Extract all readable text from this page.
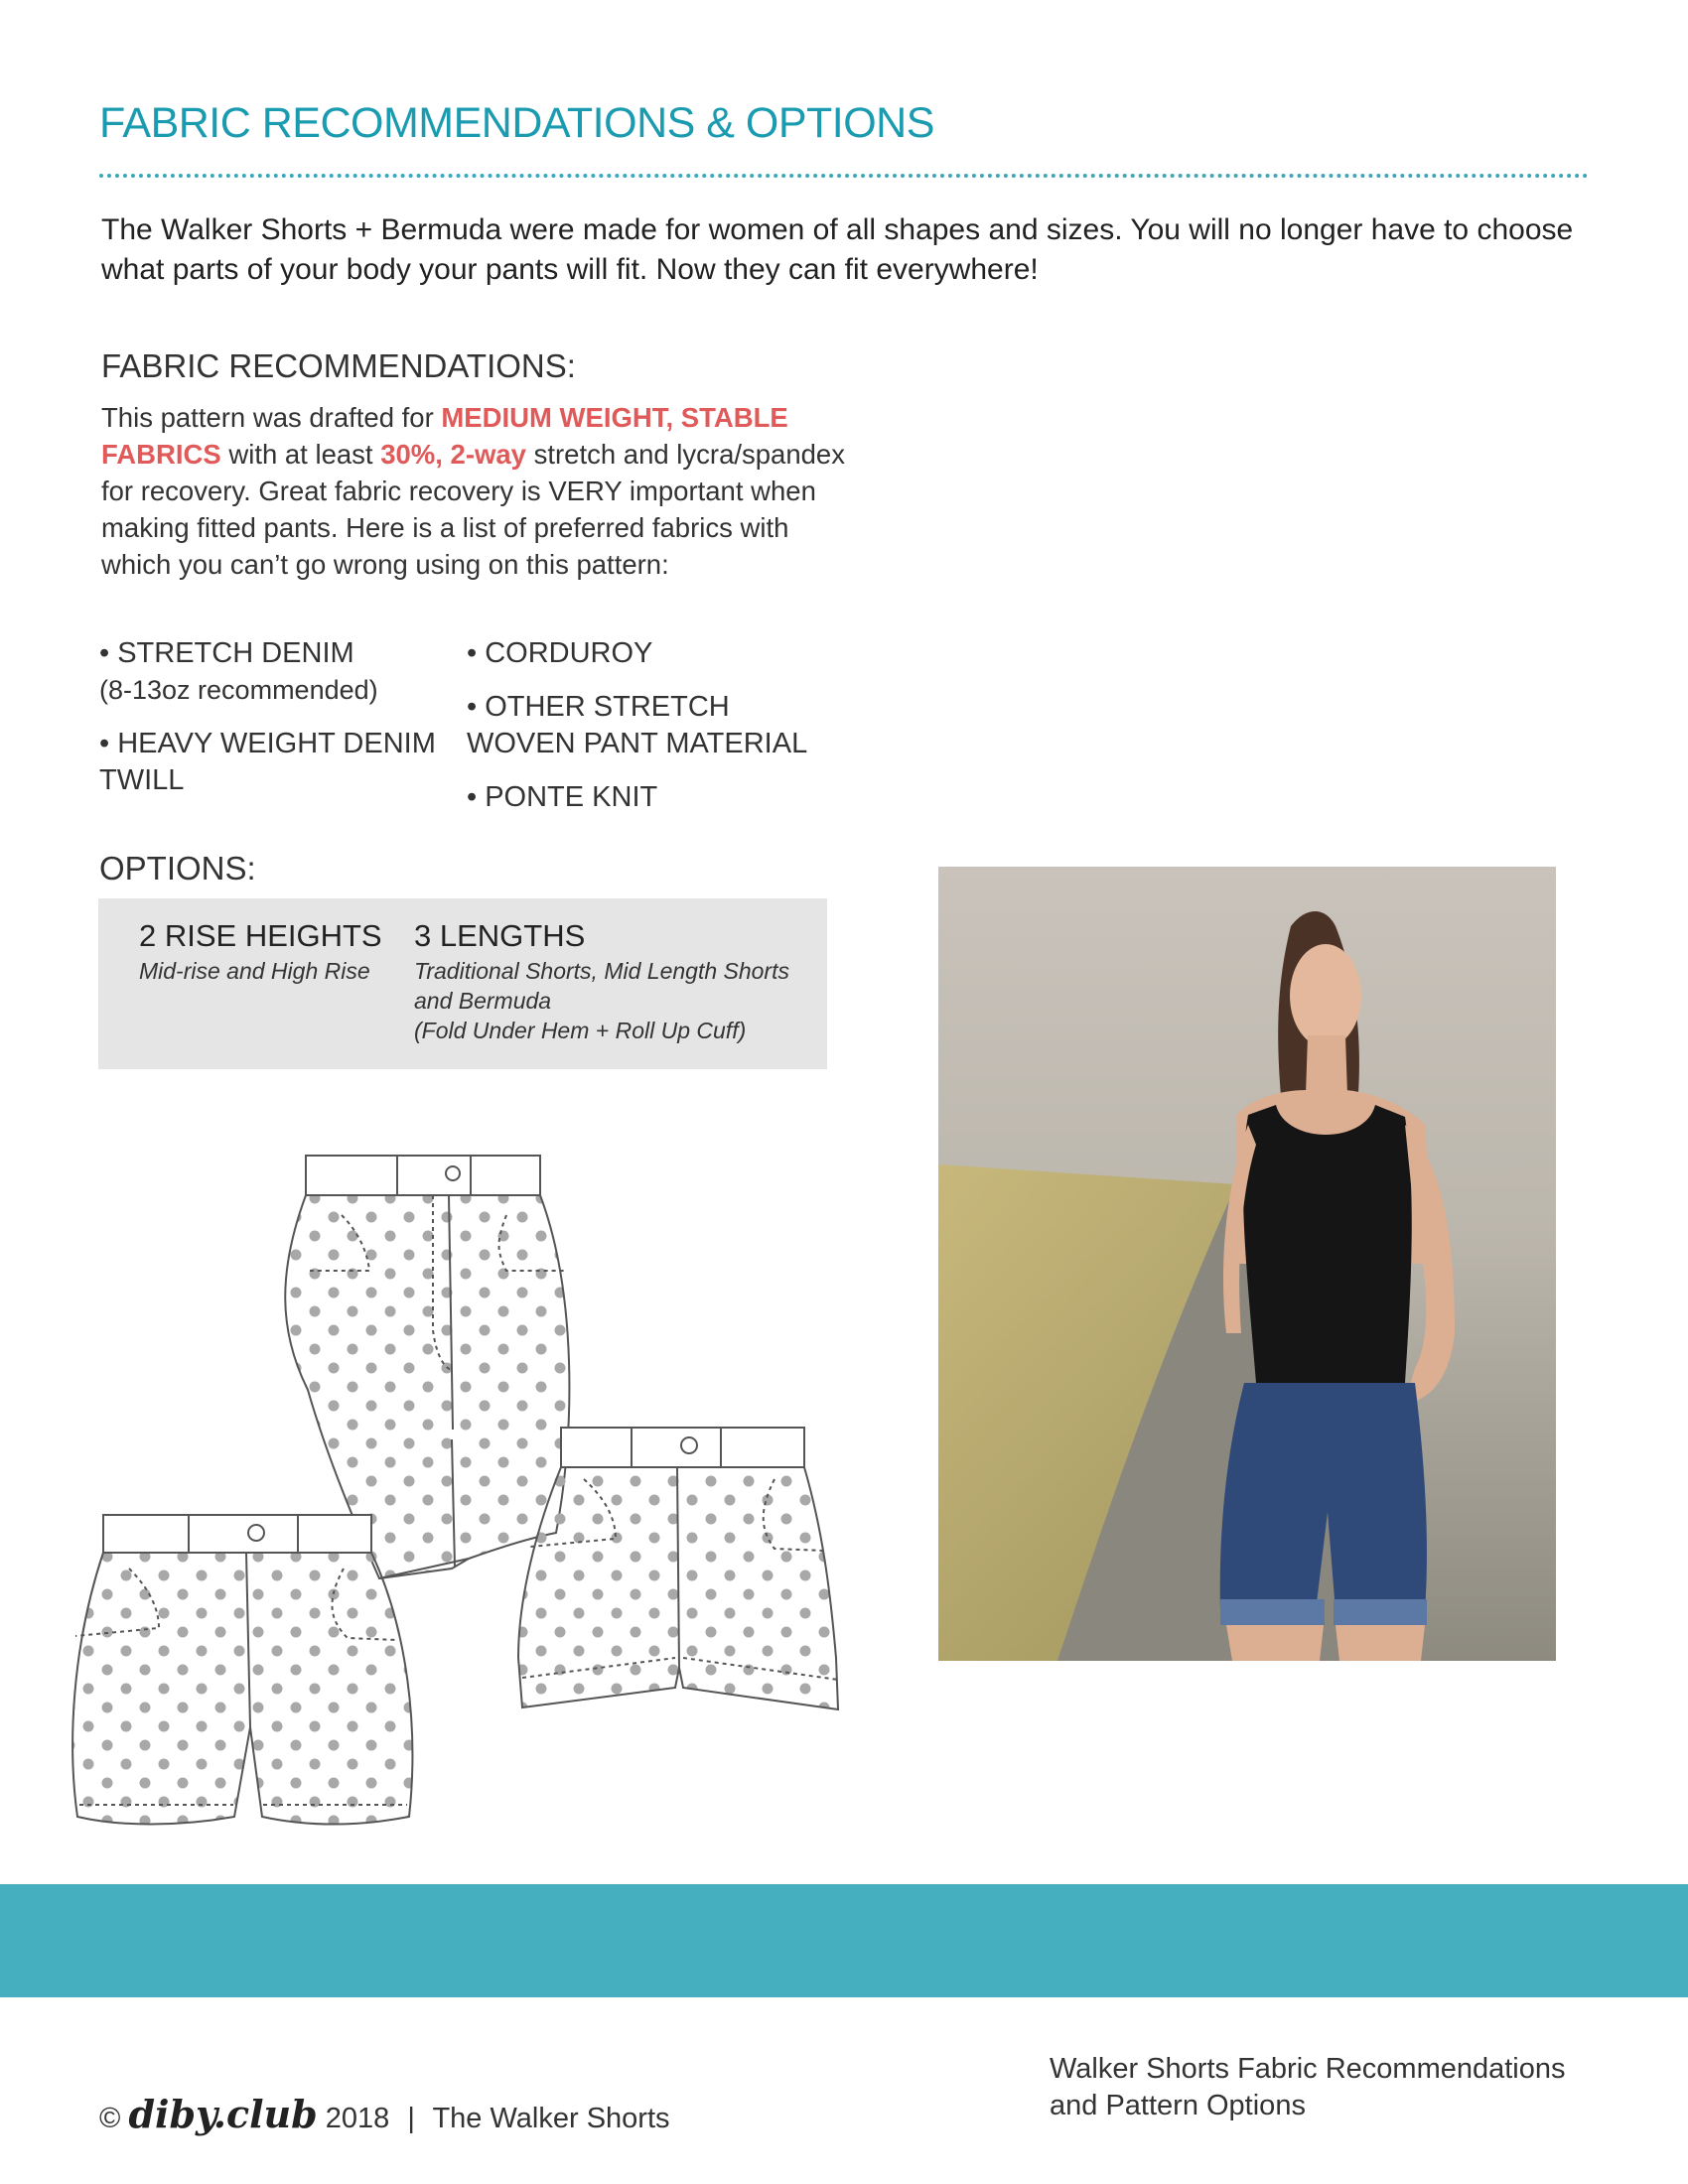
FABRIC RECOMMENDATIONS & OPTIONS
The Walker Shorts + Bermuda were made for women of all shapes and sizes. You will no longer have to choose what parts of your body your pants will fit. Now they can fit everywhere!
FABRIC RECOMMENDATIONS:
This pattern was drafted for MEDIUM WEIGHT, STABLE FABRICS with at least 30%, 2-way stretch and lycra/spandex for recovery. Great fabric recovery is VERY important when making fitted pants. Here is a list of preferred fabrics with which you can’t go wrong using on this pattern:
• STRETCH DENIM
(8-13oz recommended)
• HEAVY WEIGHT DENIM
TWILL
• CORDUROY
• OTHER STRETCH
WOVEN PANT MATERIAL
• PONTE KNIT
OPTIONS:
2 RISE HEIGHTS
Mid-rise and High Rise
3 LENGTHS
Traditional Shorts, Mid Length Shorts and Bermuda
(Fold Under Hem + Roll Up Cuff)
© diby.club 2018 | The Walker Shorts
Walker Shorts Fabric Recommendations
and Pattern Options
